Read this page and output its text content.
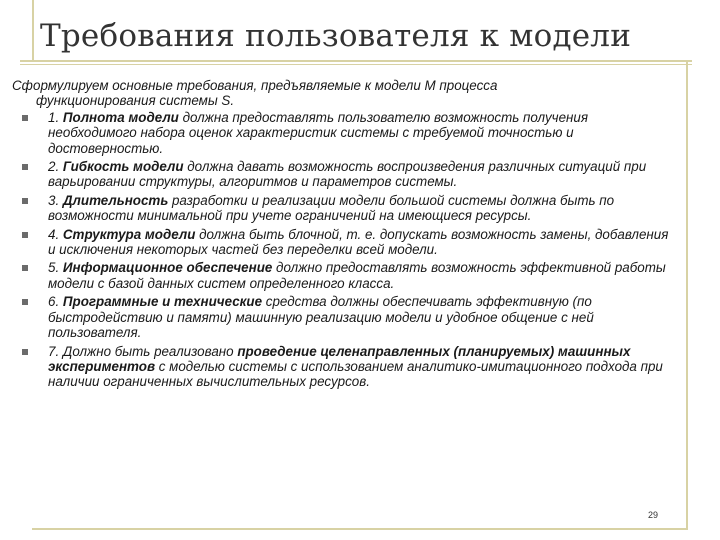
Требования пользователя к модели
Сформулируем основные требования, предъявляемые к модели M процесса
функционирования системы S.
1. Полнота модели должна предоставлять пользователю возможность получения необходимого набора оценок характеристик системы с требуемой точностью и достоверностью.
2. Гибкость модели должна давать возможность воспроизведения различных ситуаций при варьировании структуры, алгоритмов и параметров системы.
3. Длительность разработки и реализации модели большой системы должна быть по возможности минимальной при учете ограничений на имеющиеся ресурсы.
4. Структура модели должна быть блочной, т. е. допускать возможность замены, добавления и исключения некоторых частей без переделки всей модели.
5. Информационное обеспечение должно предоставлять возможность эффективной работы модели с базой данных систем определенного класса.
6. Программные и технические средства должны обеспечивать эффективную (по быстродействию и памяти) машинную реализацию модели и удобное общение с ней пользователя.
7. Должно быть реализовано проведение целенаправленных (планируемых) машинных экспериментов с моделью системы с использованием аналитико-имитационного подхода при наличии ограниченных вычислительных ресурсов.
29
